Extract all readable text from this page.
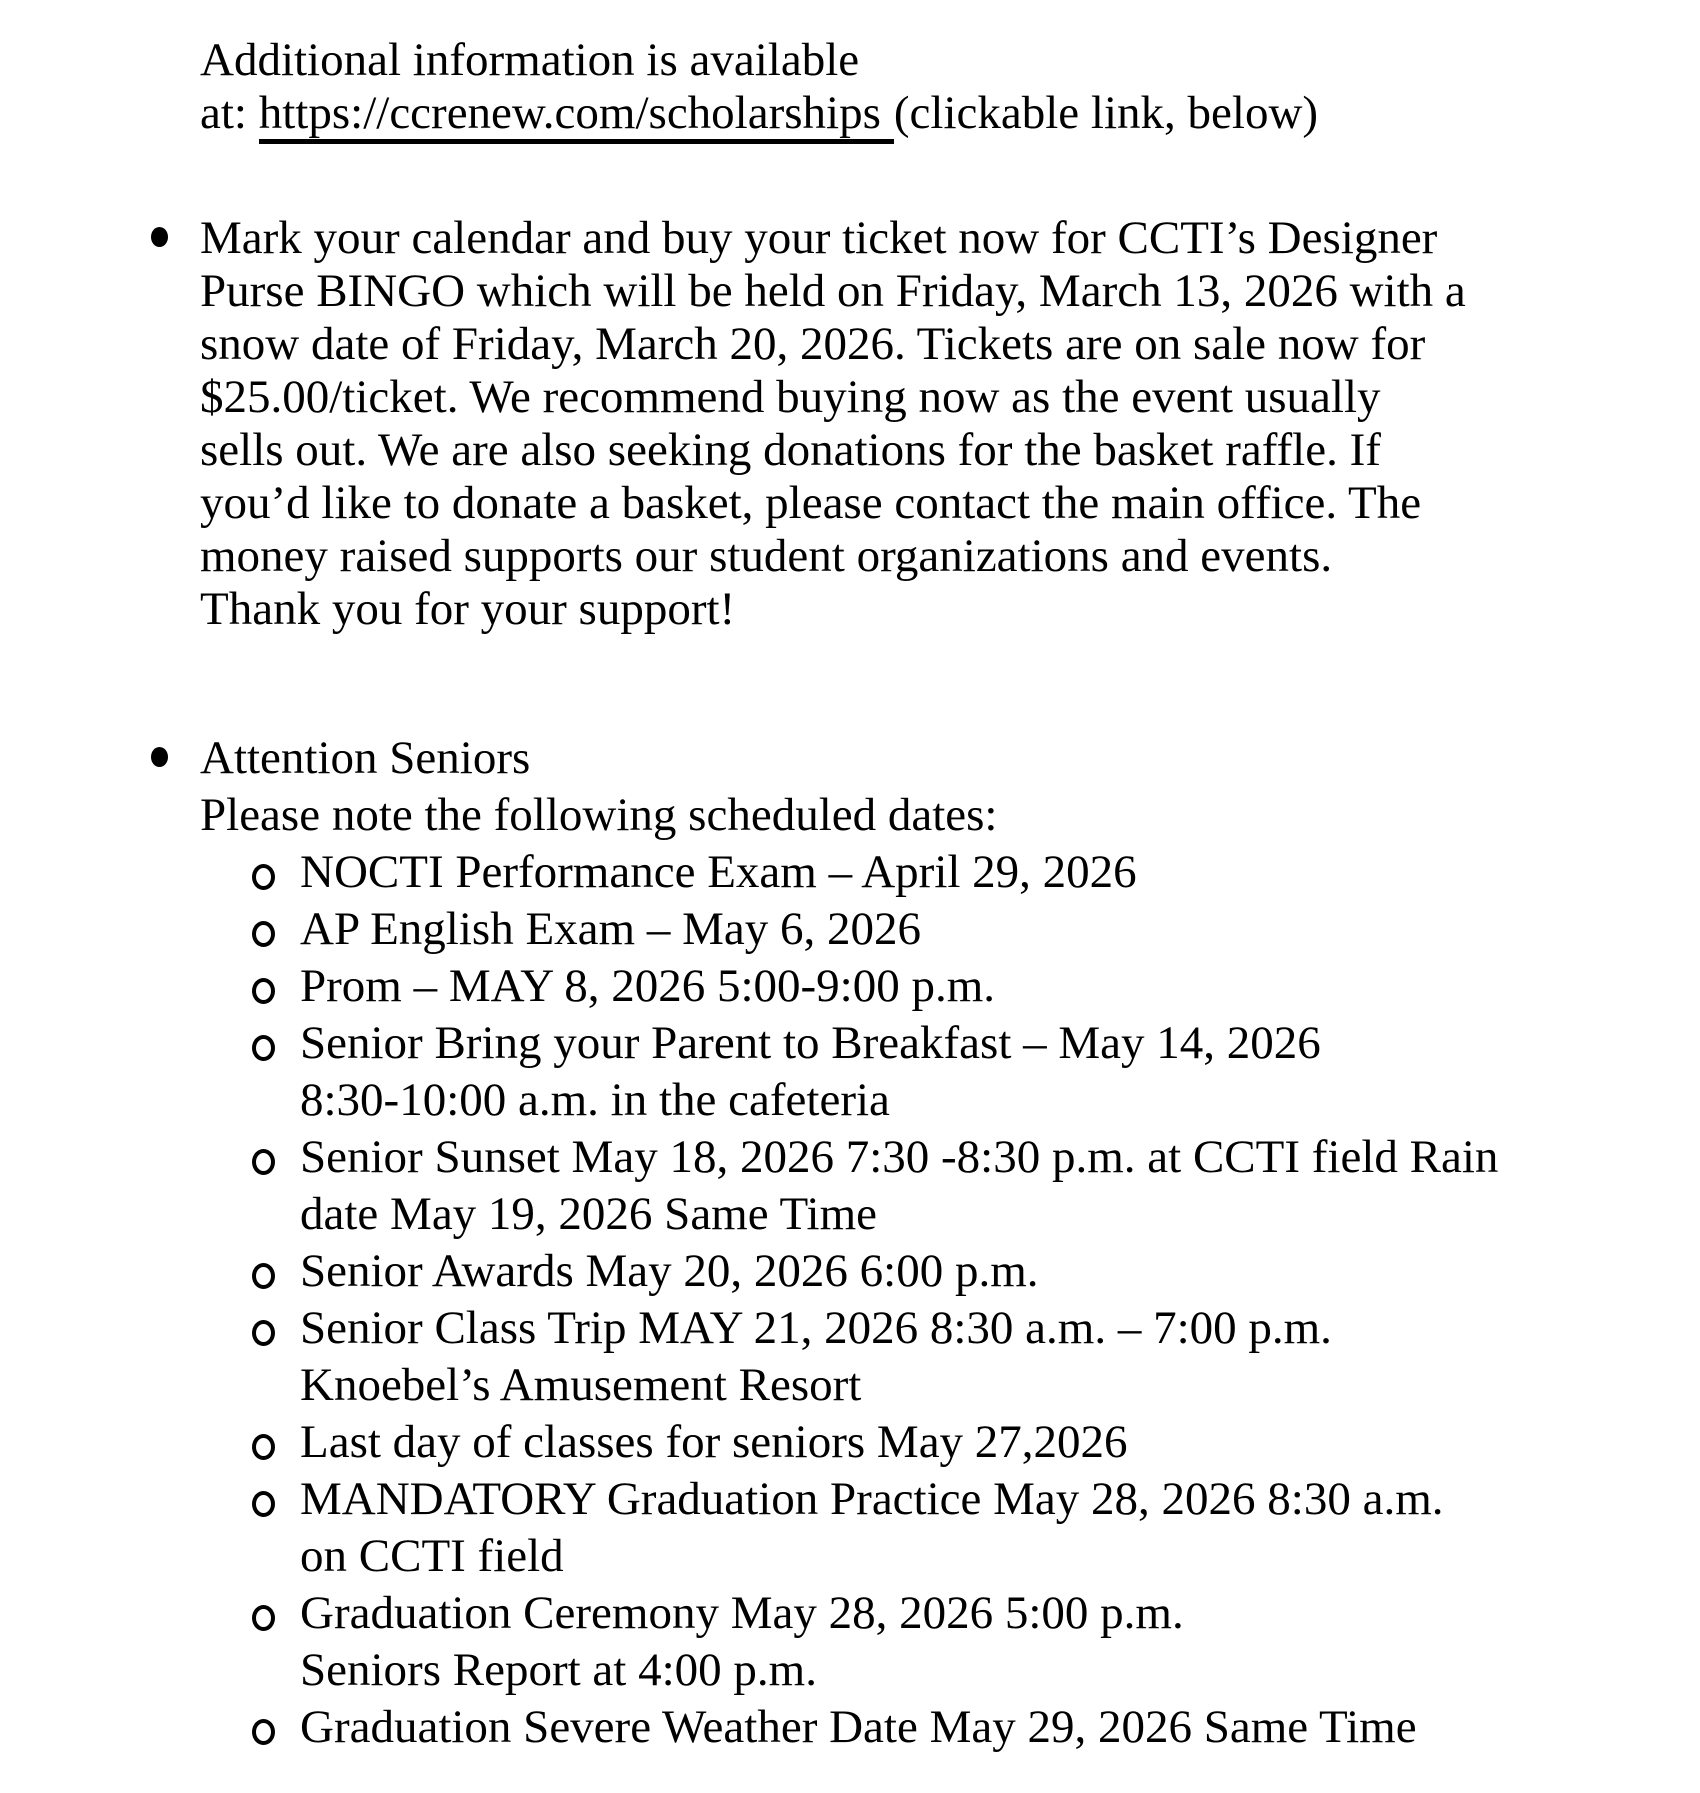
Additional information is available
at: https://ccrenew.com/scholarships (clickable link, below)
Mark your calendar and buy your ticket now for CCTI’s Designer
Purse BINGO which will be held on Friday, March 13, 2026 with a
snow date of Friday, March 20, 2026. Tickets are on sale now for
$25.00/ticket. We recommend buying now as the event usually
sells out. We are also seeking donations for the basket raffle. If
you’d like to donate a basket, please contact the main office. The
money raised supports our student organizations and events.
Thank you for your support!
Attention Seniors
Please note the following scheduled dates:
NOCTI Performance Exam – April 29, 2026
AP English Exam – May 6, 2026
Prom – MAY 8, 2026 5:00-9:00 p.m.
Senior Bring your Parent to Breakfast – May 14, 2026
8:30-10:00 a.m. in the cafeteria
Senior Sunset May 18, 2026 7:30 -8:30 p.m. at CCTI field Rain
date May 19, 2026 Same Time
Senior Awards May 20, 2026 6:00 p.m.
Senior Class Trip MAY 21, 2026 8:30 a.m. – 7:00 p.m.
Knoebel’s Amusement Resort
Last day of classes for seniors May 27,2026
MANDATORY Graduation Practice May 28, 2026 8:30 a.m.
on CCTI field
Graduation Ceremony May 28, 2026 5:00 p.m.
Seniors Report at 4:00 p.m.
Graduation Severe Weather Date May 29, 2026 Same Time
